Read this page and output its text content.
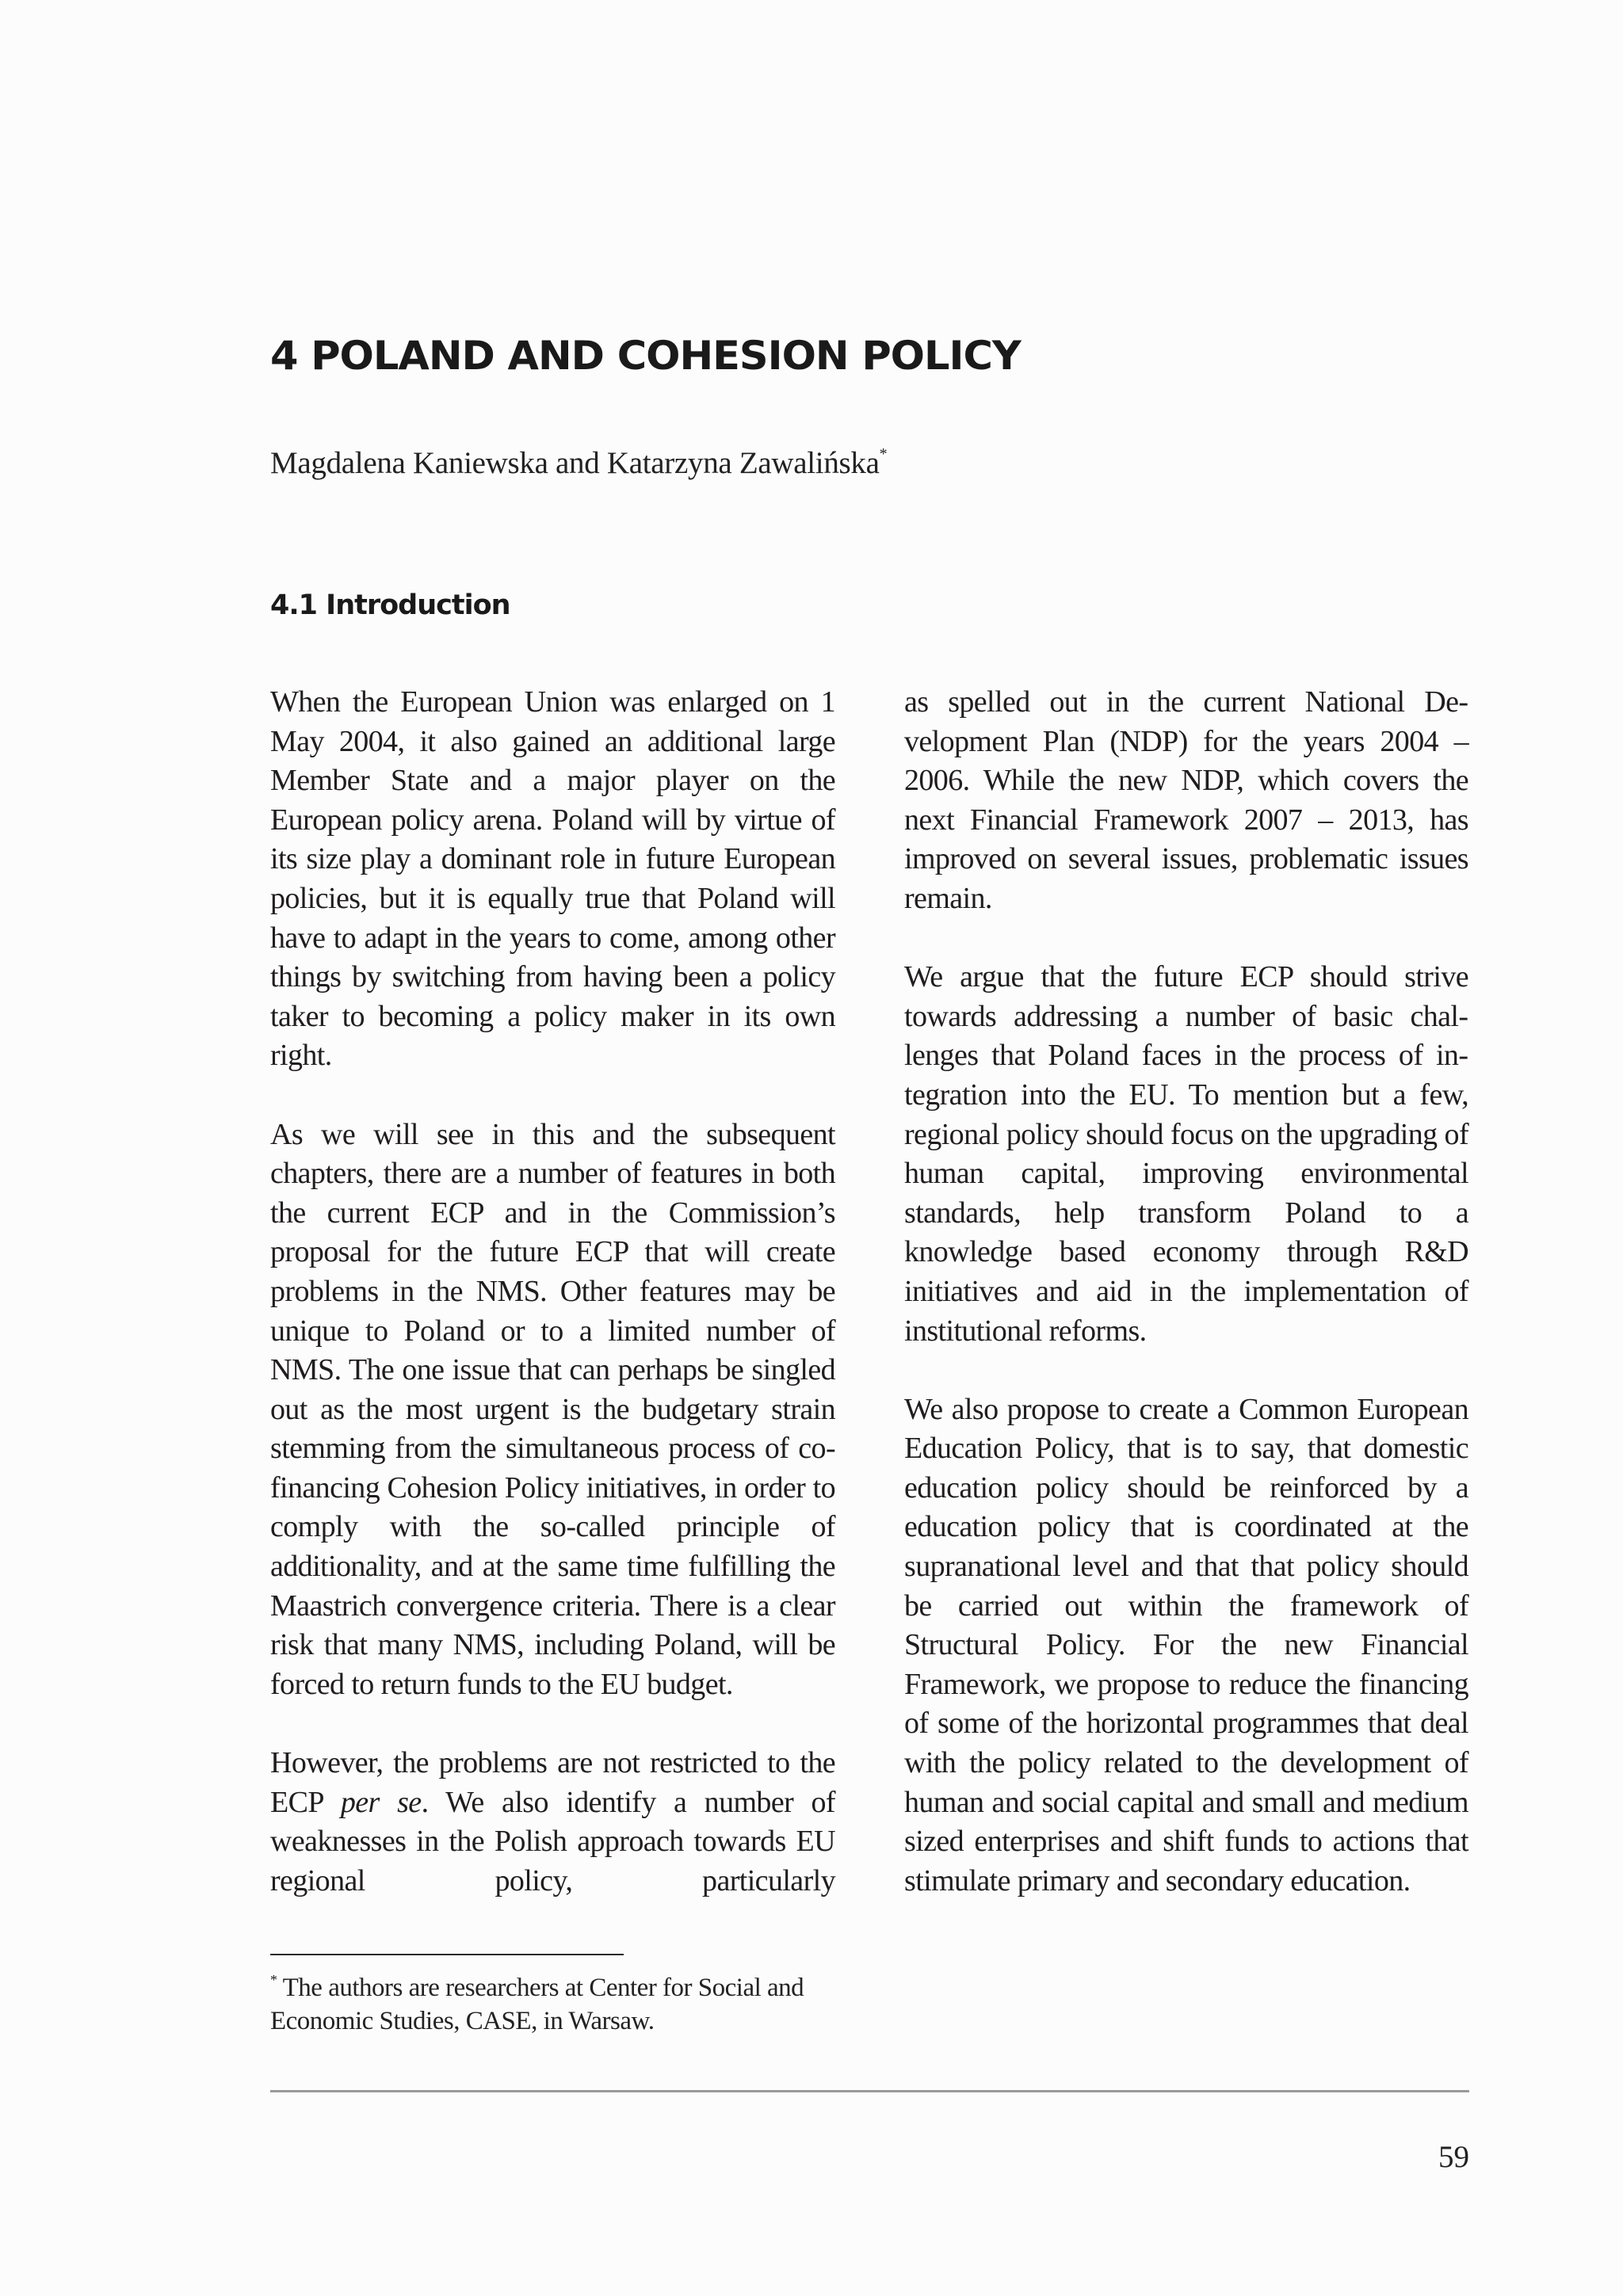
4 POLAND AND COHESION POLICY
Magdalena Kaniewska and Katarzyna Zawalińska*
4.1 Introduction

When the European Union was enlarged on 1 May 2004, it also gained an additional large Member State and a major player on the European policy arena. Poland will by virtue of its size play a dominant role in future European policies, but it is equally true that Poland will have to adapt in the years to come, among other things by switching from having been a policy taker to becoming a policy maker in its own right.

As we will see in this and the subsequent chapters, there are a number of features in both the current ECP and in the Commission’s proposal for the future ECP that will create problems in the NMS. Other features may be unique to Poland or to a limited number of NMS. The one issue that can perhaps be singled out as the most urgent is the budgetary strain stemming from the simultaneous process of co-financing Cohesion Policy initiatives, in order to comply with the so-called principle of additionality, and at the same time fulfilling the Maastrich convergence criteria. There is a clear risk that many NMS, including Poland, will be forced to return funds to the EU budget.

However, the problems are not restricted to the ECP per se. We also identify a number of weaknesses in the Polish approach towards EU regional policy, particularly

as spelled out in the current National Development Plan (NDP) for the years 2004 – 2006. While the new NDP, which covers the next Financial Framework 2007 – 2013, has improved on several issues, problematic issues remain.

We argue that the future ECP should strive towards addressing a number of basic challenges that Poland faces in the process of integration into the EU. To mention but a few, regional policy should focus on the upgrading of human capital, improving environmental standards, help transform Poland to a knowledge based economy through R&D initiatives and aid in the implementation of institutional reforms.

We also propose to create a Common European Education Policy, that is to say, that domestic education policy should be reinforced by a education policy that is coordinated at the supranational level and that that policy should be carried out within the framework of Structural Policy. For the new Financial Framework, we propose to reduce the financing of some of the horizontal programmes that deal with the policy related to the development of human and social capital and small and medium sized enterprises and shift funds to actions that stimulate primary and secondary education.

* The authors are researchers at Center for Social and Economic Studies, CASE, in Warsaw.
59
